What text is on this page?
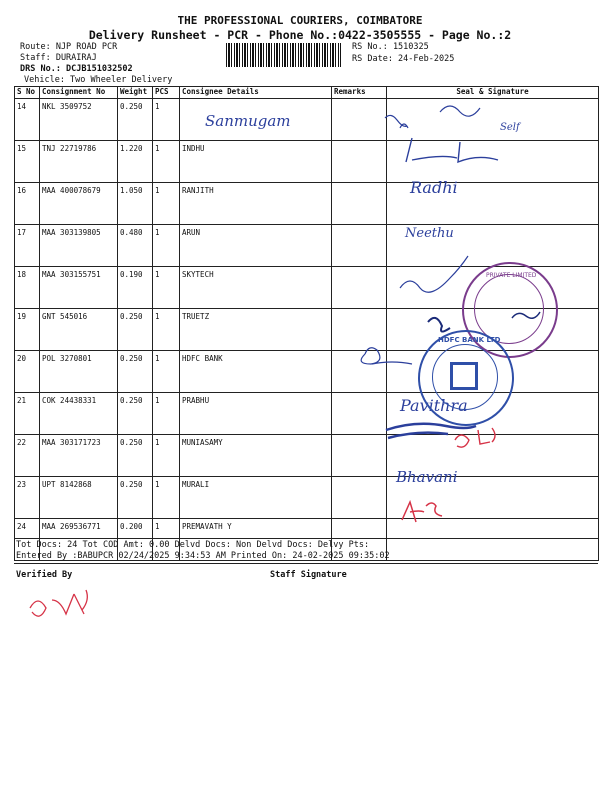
THE PROFESSIONAL COURIERS, COIMBATORE
Delivery Runsheet - PCR - Phone No.:0422-3505555 - Page No.:2
Route: NJP ROAD PCR
Staff: DURAIRAJ
DRS No.: DCJB151032502
Vehicle: Two Wheeler Delivery
RS No.: 1510325
RS Date: 24-Feb-2025
S No	Consignment No	Weight	PCS	Consignee Details	Remarks	Seal & Signature
14	NKL 3509752	0.250	1			
15	TNJ 22719786	1.220	1	INDHU		
16	MAA 400078679	1.050	1	RANJITH		
17	MAA 303139805	0.480	1	ARUN		
18	MAA 303155751	0.190	1	SKYTECH		
19	GNT 545016	0.250	1	TRUETZ		
20	POL 3270801	0.250	1	HDFC BANK		
21	COK 24438331	0.250	1	PRABHU		
22	MAA 303171723	0.250	1	MUNIASAMY		
23	UPT 8142868	0.250	1	MURALI		
24	MAA 269536771	0.200	1	PREMAVATH Y		
Sanmugam	Self
Radhi
Neethu
Pavithra
Bhavani
PRIVATE LIMITED
HDFC BANK LTD
Tot Docs: 24 Tot COD Amt: 0.00 Delvd Docs: Non Delvd Docs: Delvy Pts:
Entered By :BABUPCR 02/24/2025 9:34:53 AM Printed On: 24-02-2025 09:35:02
Verified By	Staff Signature
